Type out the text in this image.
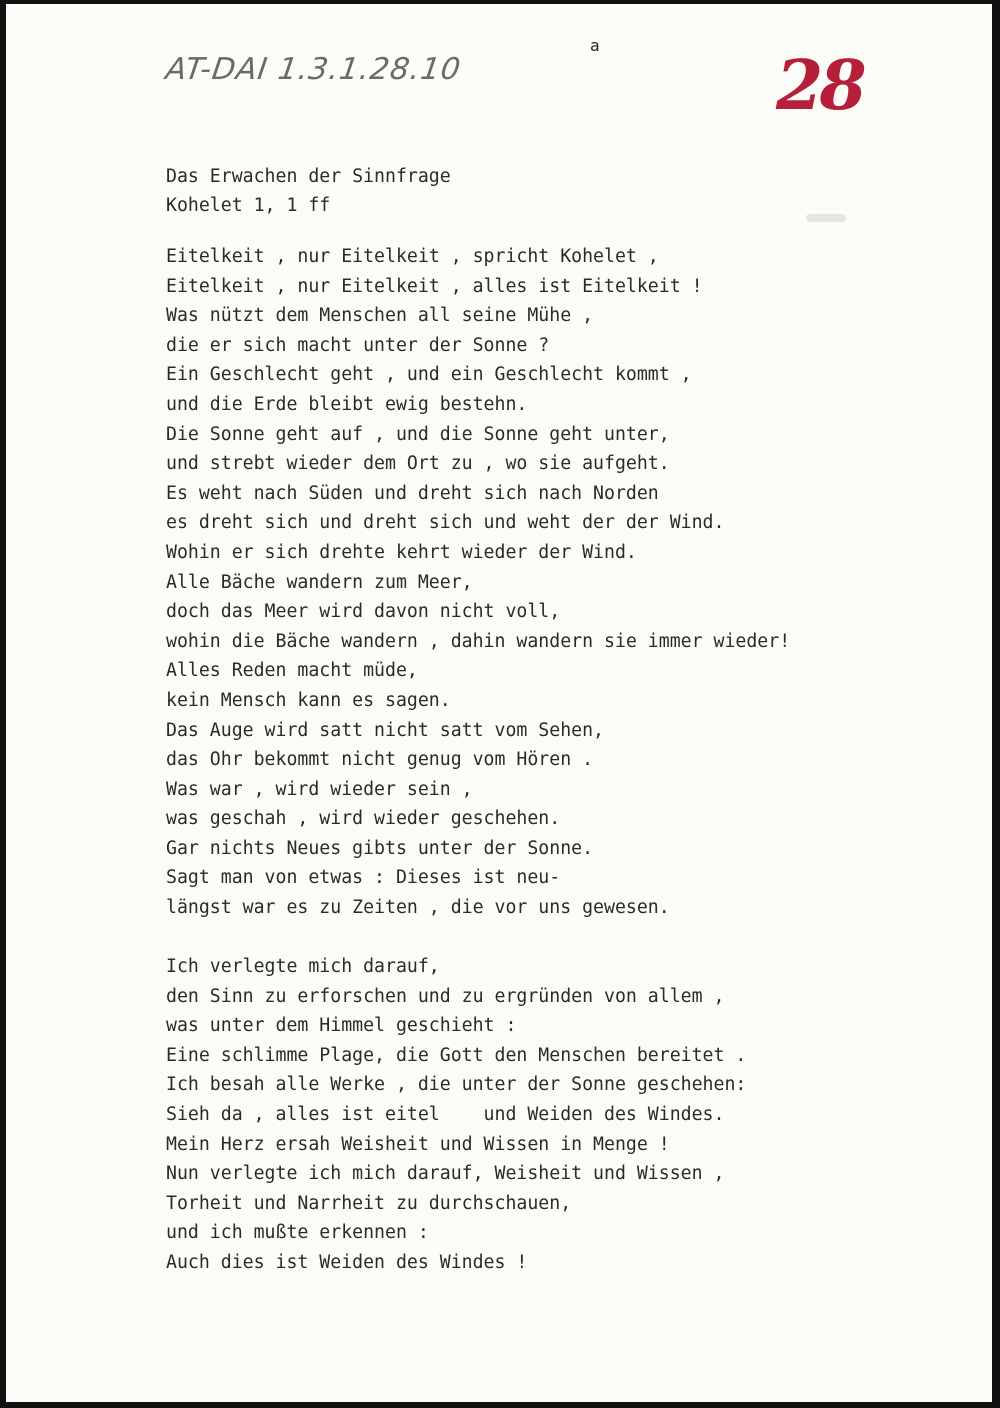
AT-DAI 1.3.1.28.10
a
28
Das Erwachen der Sinnfrage
Kohelet 1, 1 ff
Eitelkeit , nur Eitelkeit , spricht Kohelet ,
Eitelkeit , nur Eitelkeit , alles ist Eitelkeit !
Was nützt dem Menschen all seine Mühe ,
die er sich macht unter der Sonne ?
Ein Geschlecht geht , und ein Geschlecht kommt ,
und die Erde bleibt ewig bestehn.
Die Sonne geht auf , und die Sonne geht unter,
und strebt wieder dem Ort zu , wo sie aufgeht.
Es weht nach Süden und dreht sich nach Norden
es dreht sich und dreht sich und weht der der Wind.
Wohin er sich drehte kehrt wieder der Wind.
Alle Bäche wandern zum Meer,
doch das Meer wird davon nicht voll,
wohin die Bäche wandern , dahin wandern sie immer wieder!
Alles Reden macht müde,
kein Mensch kann es sagen.
Das Auge wird satt nicht satt vom Sehen,
das Ohr bekommt nicht genug vom Hören .
Was war , wird wieder sein ,
was geschah , wird wieder geschehen.
Gar nichts Neues gibts unter der Sonne.
Sagt man von etwas : Dieses ist neu-
längst war es zu Zeiten , die vor uns gewesen.
Ich verlegte mich darauf,
den Sinn zu erforschen und zu ergründen von allem ,
was unter dem Himmel geschieht :
Eine schlimme Plage, die Gott den Menschen bereitet .
Ich besah alle Werke , die unter der Sonne geschehen:
Sieh da , alles ist eitel    und Weiden des Windes.
Mein Herz ersah Weisheit und Wissen in Menge !
Nun verlegte ich mich darauf, Weisheit und Wissen ,
Torheit und Narrheit zu durchschauen,
und ich mußte erkennen :
Auch dies ist Weiden des Windes !
